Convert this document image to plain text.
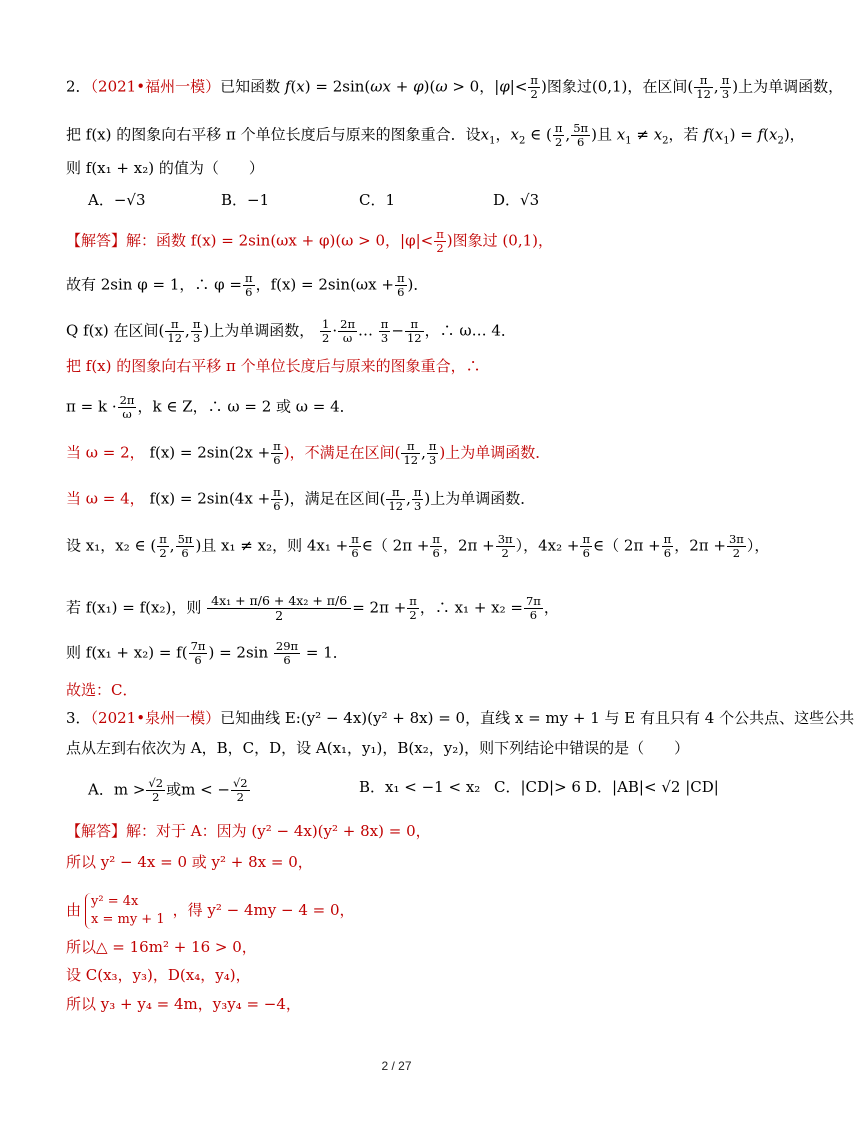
2．（2021•福州一模）已知函数 f(x) = 2sin(ωx + φ)(ω > 0，$|\varphi|< \frac{\pi}{2}$ )图象过(0,1)，在区间( $\frac{\pi}{12}$ , $\frac{\pi}{3}$ )上为单调函数，
把 f(x) 的图象向右平移 π 个单位长度后与原来的图象重合．设$x_1$，$x_2$ ∈ ( $\frac{\pi}{2}$ , $\frac{5\pi}{6}$ )且 $x_1 \ne x_2$，若 $f(x_1) = f(x_2)$，
则 f(x₁ + x₂) 的值为（　　）
A．−√3	B．−1	C．1	D．√3
【解答】解：函数 f(x) = 2sin(ωx + φ)(ω > 0，$|\varphi|< \frac{\pi}{2}$ )图象过 (0,1)，
故有 2sin φ = 1，∴ $\varphi = \frac{\pi}{6}$ ，$f(x) = 2\sin(\omega x + \frac{\pi}{6}$ )．
Q f(x) 在区间( $\frac{\pi}{12}$ , $\frac{\pi}{3}$ )上为单调函数， $\frac{1}{2} \cdot \frac{2\pi}{\omega}$ … $\frac{\pi}{3} - \frac{\pi}{12}$ ，∴ ω… 4．
把 f(x) 的图象向右平移 π 个单位长度后与原来的图象重合，∴
$\pi = k \cdot \frac{2\pi}{\omega}$ ，k ∈ Z，∴ ω = 2 或 ω = 4．
当 ω = 2， $f(x) = 2\sin(2x + \frac{\pi}{6}$ )，不满足在区间( $\frac{\pi}{12}$ , $\frac{\pi}{3}$ )上为单调函数．
当 ω = 4， $f(x) = 2\sin(4x + \frac{\pi}{6}$ )，满足在区间( $\frac{\pi}{12}$ , $\frac{\pi}{3}$ )上为单调函数．
设 x₁，x₂ ∈ ( $\frac{\pi}{2}$ , $\frac{5\pi}{6}$ )且 x₁ ≠ x₂，则 $4x_1 + \frac{\pi}{6}$ ∈（ $2\pi + \frac{\pi}{6}$ ，$2\pi + \frac{3\pi}{2}$ ），$4x_2 + \frac{\pi}{6}$ ∈（ $2\pi + \frac{\pi}{6}$ ，$2\pi + \frac{3\pi}{2}$ ），
若 f(x₁) = f(x₂)，则 $\frac{\text{4x₁ + π/6 + 4x₂ + π/6}}{2} = 2\pi + \frac{\pi}{2}$ ，∴ $x_1 + x_2 = \frac{7\pi}{6}$ ，
则 $f(x_1 + x_2) = f( \frac{7\pi}{6}$ ) = $2\sin \frac{29\pi}{6} = 1$．
故选：C．
3．（2021•泉州一模）已知曲线 E:(y² − 4x)(y² + 8x) = 0，直线 x = my + 1 与 E 有且只有 4 个公共点、这些公共
点从左到右依次为 A，B，C，D，设 A(x₁，y₁)，B(x₂，y₂)，则下列结论中错误的是（　　）
A．$m > \frac{√2}{2}$ 或m < − $\frac{√2}{2}$	B．x₁ < −1 < x₂ C．|CD|> 6 D．|AB|< √2 |CD|
【解答】解：对于 A：因为 (y² − 4x)(y² + 8x) = 0，
所以 y² − 4x = 0 或 y² + 8x = 0，
由 y² = 4x
x = my + 1
，得 y² − 4my − 4 = 0，
所以△ = 16m² + 16 > 0，
设 C(x₃，y₃)，D(x₄，y₄)，
所以 y₃ + y₄ = 4m，y₃y₄ = −4，
2 / 27
